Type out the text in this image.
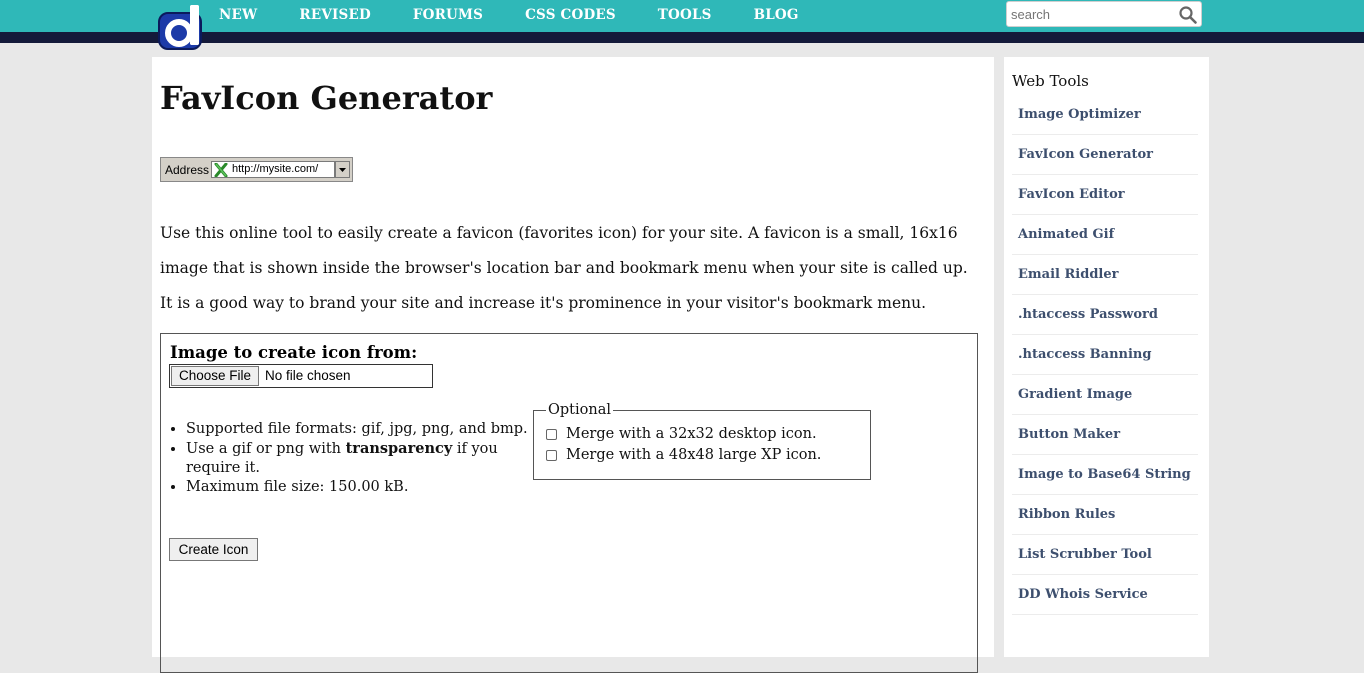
NEW	REVISED	FORUMS	CSS CODES	TOOLS	BLOG
search
FavIcon Generator
Address http://mysite.com/

Use this online tool to easily create a favicon (favorites icon) for your site. A favicon is a small, 16x16 image that is shown inside the browser's location bar and bookmark menu when your site is called up. It is a good way to brand your site and increase it's prominence in your visitor's bookmark menu.

Image to create icon from:
Choose File	No file chosen
• Supported file formats: gif, jpg, png, and bmp.
• Use a gif or png with transparency if you require it.
• Maximum file size: 150.00 kB.
Optional
Merge with a 32x32 desktop icon.
Merge with a 48x48 large XP icon.
Create Icon
Web Tools
Image Optimizer
FavIcon Generator
FavIcon Editor
Animated Gif
Email Riddler
.htaccess Password
.htaccess Banning
Gradient Image
Button Maker
Image to Base64 String
Ribbon Rules
List Scrubber Tool
DD Whois Service
